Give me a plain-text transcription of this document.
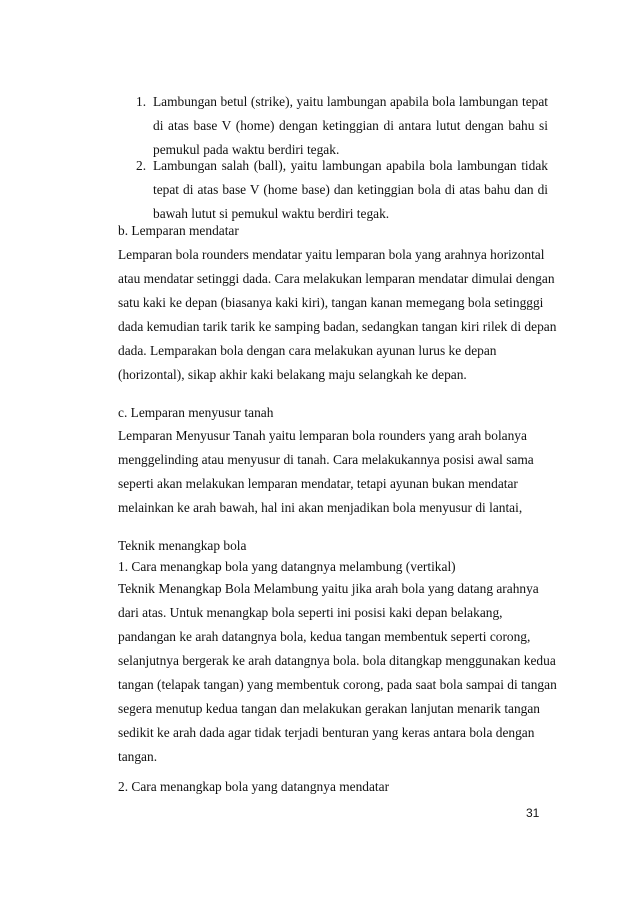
1. Lambungan betul (strike), yaitu lambungan apabila bola lambungan tepat
di atas base V (home) dengan ketinggian di antara lutut dengan bahu si
pemukul pada waktu berdiri tegak.
2. Lambungan salah (ball), yaitu lambungan apabila bola lambungan tidak
tepat di atas base V (home base) dan ketinggian bola di atas bahu dan di
bawah lutut si pemukul waktu berdiri tegak.
b. Lemparan mendatar
Lemparan bola rounders mendatar yaitu lemparan bola yang arahnya horizontal
atau mendatar setinggi dada. Cara melakukan lemparan mendatar dimulai dengan
satu kaki ke depan (biasanya kaki kiri), tangan kanan memegang bola setingggi
dada kemudian tarik tarik ke samping badan, sedangkan tangan kiri rilek di depan
dada. Lemparakan bola dengan cara melakukan ayunan lurus ke depan
(horizontal), sikap akhir kaki belakang maju selangkah ke depan.
c. Lemparan menyusur tanah
Lemparan Menyusur Tanah yaitu lemparan bola rounders yang arah bolanya
menggelinding atau menyusur di tanah. Cara melakukannya posisi awal sama
seperti akan melakukan lemparan mendatar, tetapi ayunan bukan mendatar
melainkan ke arah bawah, hal ini akan menjadikan bola menyusur di lantai,
Teknik menangkap bola
1. Cara menangkap bola yang datangnya melambung (vertikal)
Teknik Menangkap Bola Melambung yaitu jika arah bola yang datang arahnya
dari atas. Untuk menangkap bola seperti ini posisi kaki depan belakang,
pandangan ke arah datangnya bola, kedua tangan membentuk seperti corong,
selanjutnya bergerak ke arah datangnya bola. bola ditangkap menggunakan kedua
tangan (telapak tangan) yang membentuk corong, pada saat bola sampai di tangan
segera menutup kedua tangan dan melakukan gerakan lanjutan menarik tangan
sedikit ke arah dada agar tidak terjadi benturan yang keras antara bola dengan
tangan.
2. Cara menangkap bola yang datangnya mendatar
31
